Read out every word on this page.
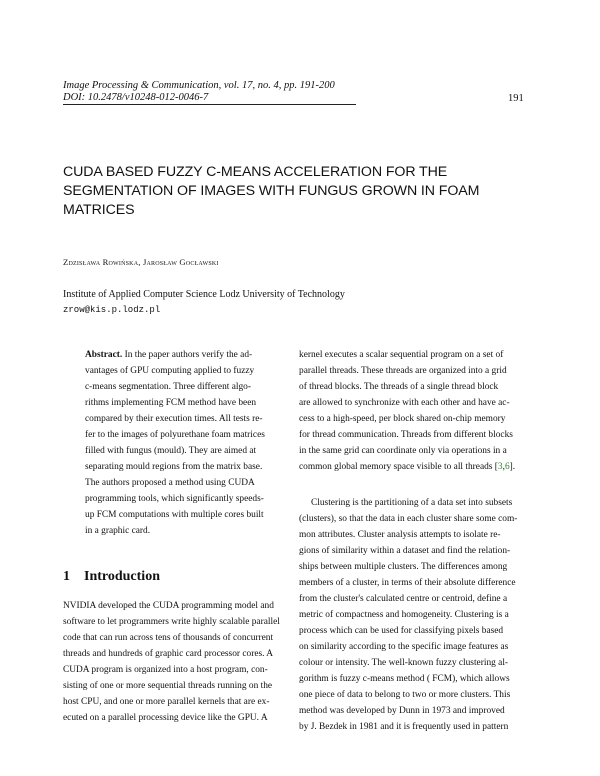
Image Processing & Communication, vol. 17, no. 4, pp. 191-200
DOI: 10.2478/v10248-012-0046-7	191
CUDA BASED FUZZY C-MEANS ACCELERATION FOR THE
SEGMENTATION OF IMAGES WITH FUNGUS GROWN IN FOAM
MATRICES
Zdzisława Rowińska, Jarosław Gocławski
Institute of Applied Computer Science Lodz University of Technology
zrow@kis.p.lodz.pl
Abstract. In the paper authors verify the ad-
vantages of GPU computing applied to fuzzy
c-means segmentation. Three different algo-
rithms implementing FCM method have been
compared by their execution times. All tests re-
fer to the images of polyurethane foam matrices
filled with fungus (mould). They are aimed at
separating mould regions from the matrix base.
The authors proposed a method using CUDA
programming tools, which significantly speeds-
up FCM computations with multiple cores built
in a graphic card.
1 Introduction
NVIDIA developed the CUDA programming model and
software to let programmers write highly scalable parallel
code that can run across tens of thousands of concurrent
threads and hundreds of graphic card processor cores. A
CUDA program is organized into a host program, con-
sisting of one or more sequential threads running on the
host CPU, and one or more parallel kernels that are ex-
ecuted on a parallel processing device like the GPU. A
kernel executes a scalar sequential program on a set of
parallel threads. These threads are organized into a grid
of thread blocks. The threads of a single thread block
are allowed to synchronize with each other and have ac-
cess to a high-speed, per block shared on-chip memory
for thread communication. Threads from different blocks
in the same grid can coordinate only via operations in a
common global memory space visible to all threads [3,6].
Clustering is the partitioning of a data set into subsets
(clusters), so that the data in each cluster share some com-
mon attributes. Cluster analysis attempts to isolate re-
gions of similarity within a dataset and find the relation-
ships between multiple clusters. The differences among
members of a cluster, in terms of their absolute difference
from the cluster's calculated centre or centroid, define a
metric of compactness and homogeneity. Clustering is a
process which can be used for classifying pixels based
on similarity according to the specific image features as
colour or intensity. The well-known fuzzy clustering al-
gorithm is fuzzy c-means method ( FCM), which allows
one piece of data to belong to two or more clusters. This
method was developed by Dunn in 1973 and improved
by J. Bezdek in 1981 and it is frequently used in pattern
